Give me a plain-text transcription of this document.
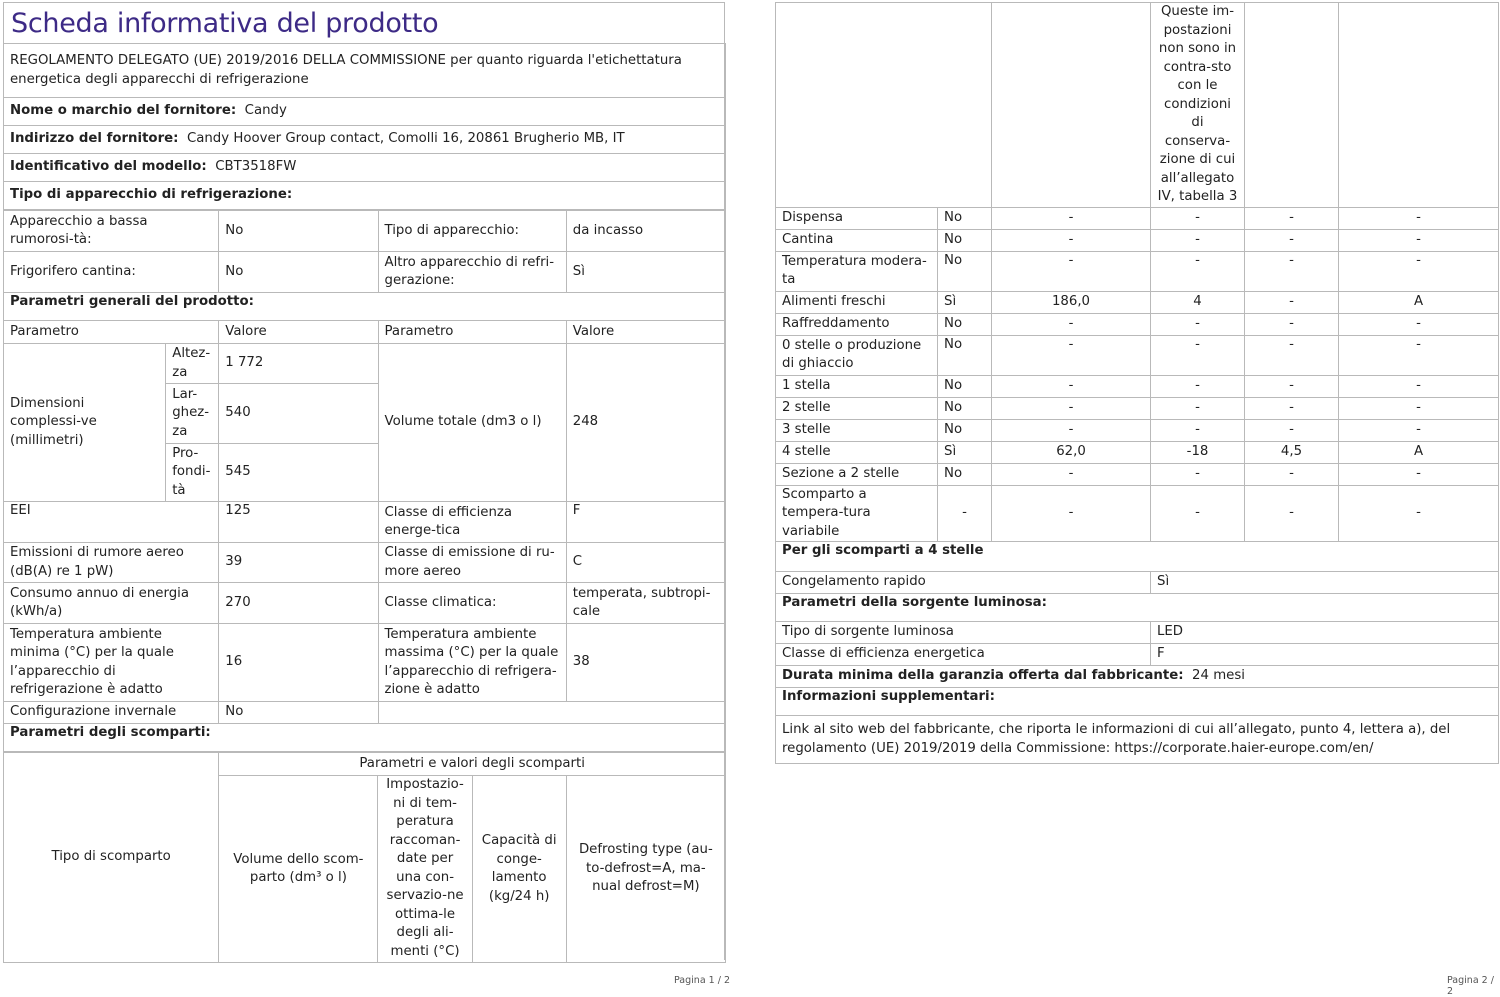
Scheda informativa del prodotto
REGOLAMENTO DELEGATO (UE) 2019/2016 DELLA COMMISSIONE per quanto riguarda l'etichettatura energetica degli apparecchi di refrigerazione
Nome o marchio del fornitore: Candy
Indirizzo del fornitore: Candy Hoover Group contact, Comolli 16, 20861 Brugherio MB, IT
Identificativo del modello: CBT3518FW
Tipo di apparecchio di refrigerazione:
Apparecchio a bassa rumorosi-tà:		No	Tipo di apparecchio:	da incasso
Frigorifero cantina:		No	Altro apparecchio di refri-gerazione:	Sì
Parametri generali del prodotto:				
Parametro		Valore	Parametro	Valore
Dimensioni complessi-ve (millimetri)	Altez-za	1 772	Volume totale (dm3 o l)	248
	Lar-ghez-za	540		
	Pro-fondi-tà	545		
EEI		125	Classe di efficienza energe-tica	F
Emissioni di rumore aereo (dB(A) re 1 pW)		39	Classe di emissione di ru-more aereo	C
Consumo annuo di energia (kWh/a)		270	Classe climatica:	temperata, subtropi-cale
Temperatura ambiente minima (°C) per la quale l’apparecchio di refrigerazione è adatto		16	Temperatura ambiente massima (°C) per la quale l’apparecchio di refrigera-zione è adatto	38
Configurazione invernale		No		
Parametri degli scomparti:				
Tipo di scomparto	Parametri e valori degli scomparti			
	Volume dello scom-parto (dm³ o l)	Impostazio-ni di tem-peratura raccoman-date per una con-servazio-ne ottima-le degli ali-menti (°C)	Capacità di conge-lamento (kg/24 h)	Defrosting type (au-to-defrost=A, ma-nual defrost=M)
Pagina 1 / 2
			Queste im-postazioni non sono in contra-sto con le condizioni di conserva-zione di cui all’allegato IV, tabella 3		
Dispensa	No	-	-	-	-
Cantina	No	-	-	-	-
Temperatura modera-ta	No	-	-	-	-
Alimenti freschi	Sì	186,0	4	-	A
Raffreddamento	No	-	-	-	-
0 stelle o produzione di ghiaccio	No	-	-	-	-
1 stella	No	-	-	-	-
2 stelle	No	-	-	-	-
3 stelle	No	-	-	-	-
4 stelle	Sì	62,0	-18	4,5	A
Sezione a 2 stelle	No	-	-	-	-
Scomparto a tempera-tura variabile	-	-	-	-	-
Per gli scomparti a 4 stelle					
Congelamento rapido			Sì		
Parametri della sorgente luminosa:					
Tipo di sorgente luminosa			LED		
Classe di efficienza energetica			F		
Durata minima della garanzia offerta dal fabbricante: 24 mesi					
Informazioni supplementari:					
Link al sito web del fabbricante, che riporta le informazioni di cui all’allegato, punto 4, lettera a), del regolamento (UE) 2019/2019 della Commissione: https://corporate.haier-europe.com/en/					
Pagina 2 / 2
